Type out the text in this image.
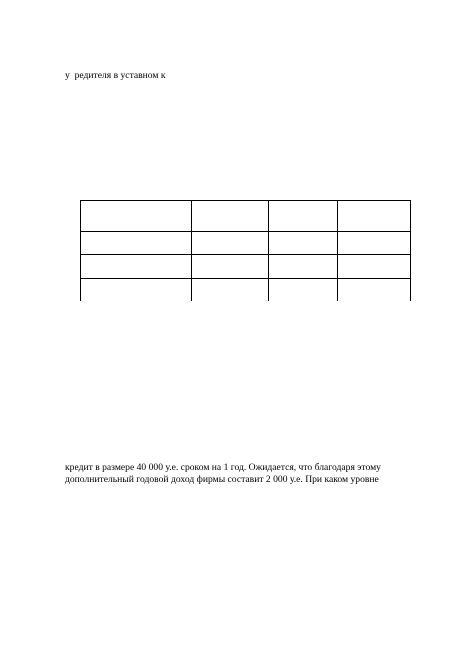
у  редителя в уставном к

кредит в размере 40 000 у.е. сроком на 1 год. Ожидается, что благодаря этому

дополнительный годовой доход фирмы составит 2 000 у.е. При каком уровне
